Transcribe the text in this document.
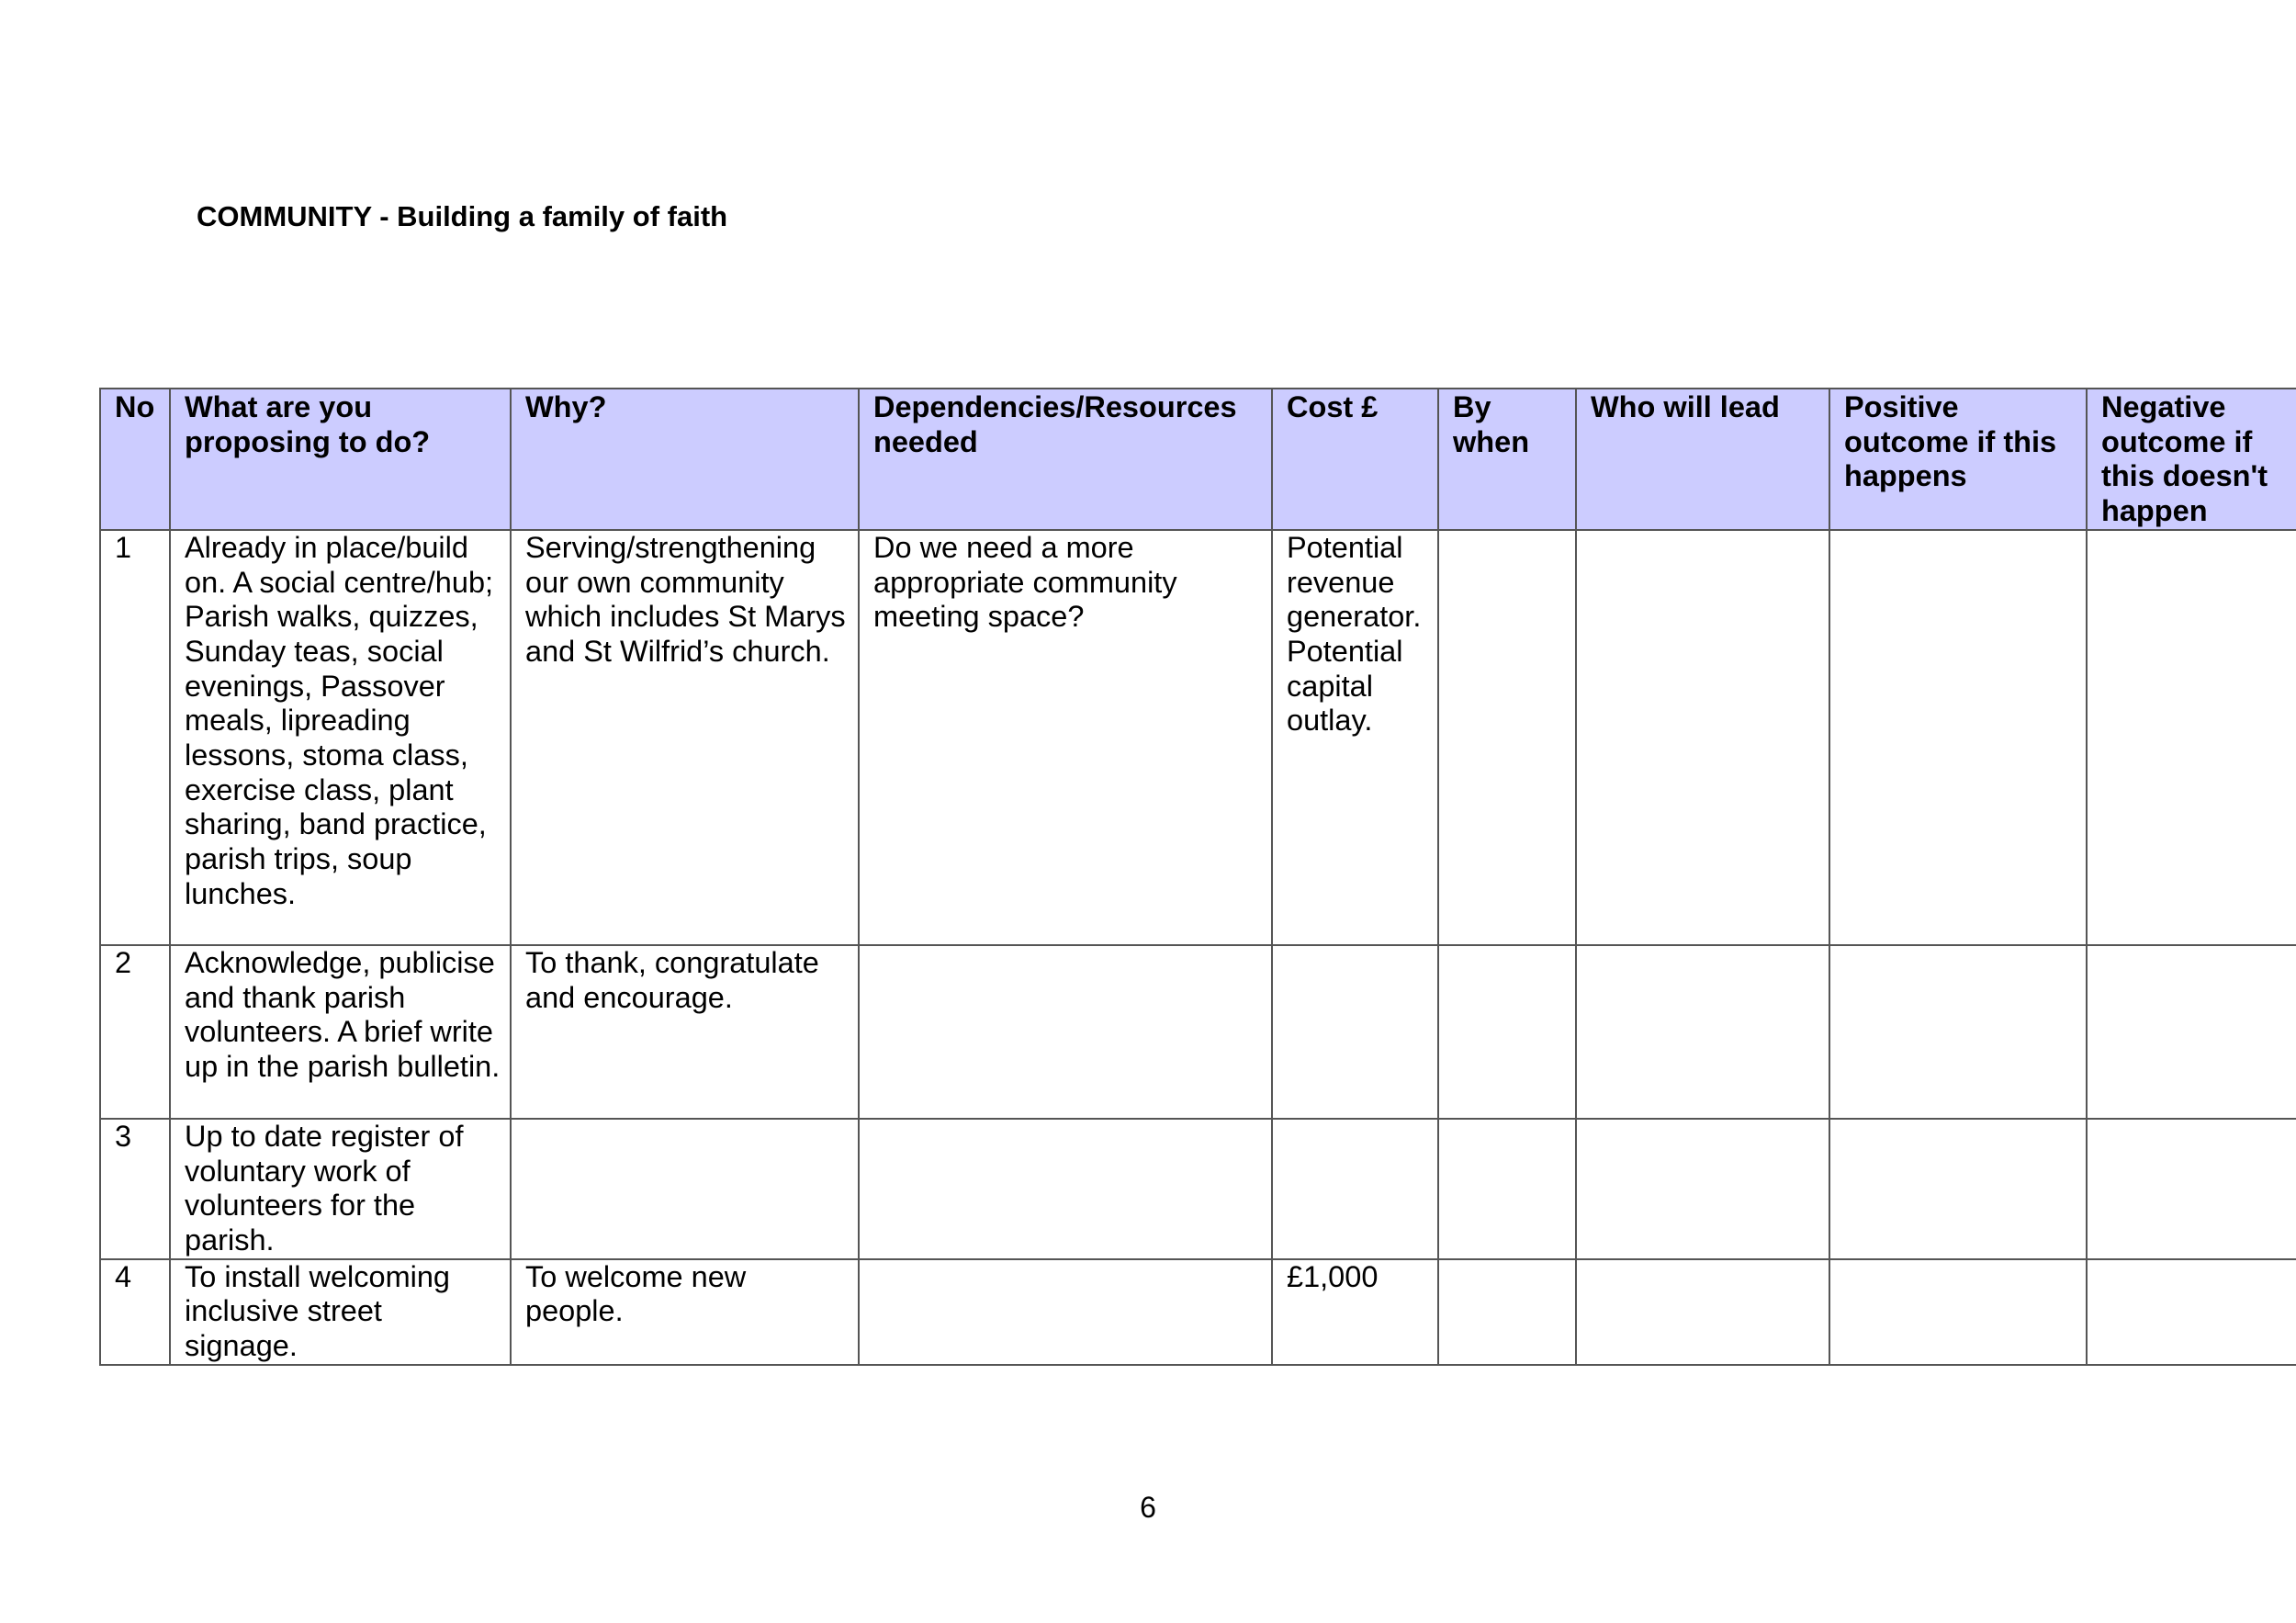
COMMUNITY - Building a family of faith
No	What are you proposing to do?	Why?	Dependencies/Resources needed	Cost £	By when	Who will lead	Positive outcome if this happens	Negative outcome if this doesn't happen
1	Already in place/build on. A social centre/hub; Parish walks, quizzes, Sunday teas, social evenings, Passover meals, lipreading lessons, stoma class, exercise class, plant sharing, band practice, parish trips, soup lunches.	Serving/strengthening our own community which includes St Marys and St Wilfrid’s church.	Do we need a more appropriate community meeting space?	Potential revenue generator. Potential capital outlay.				
2	Acknowledge, publicise and thank parish volunteers. A brief write up in the parish bulletin.	To thank, congratulate and encourage.						
3	Up to date register of voluntary work of volunteers for the parish.							
4	To install welcoming inclusive street signage.	To welcome new people.		£1,000				
6
